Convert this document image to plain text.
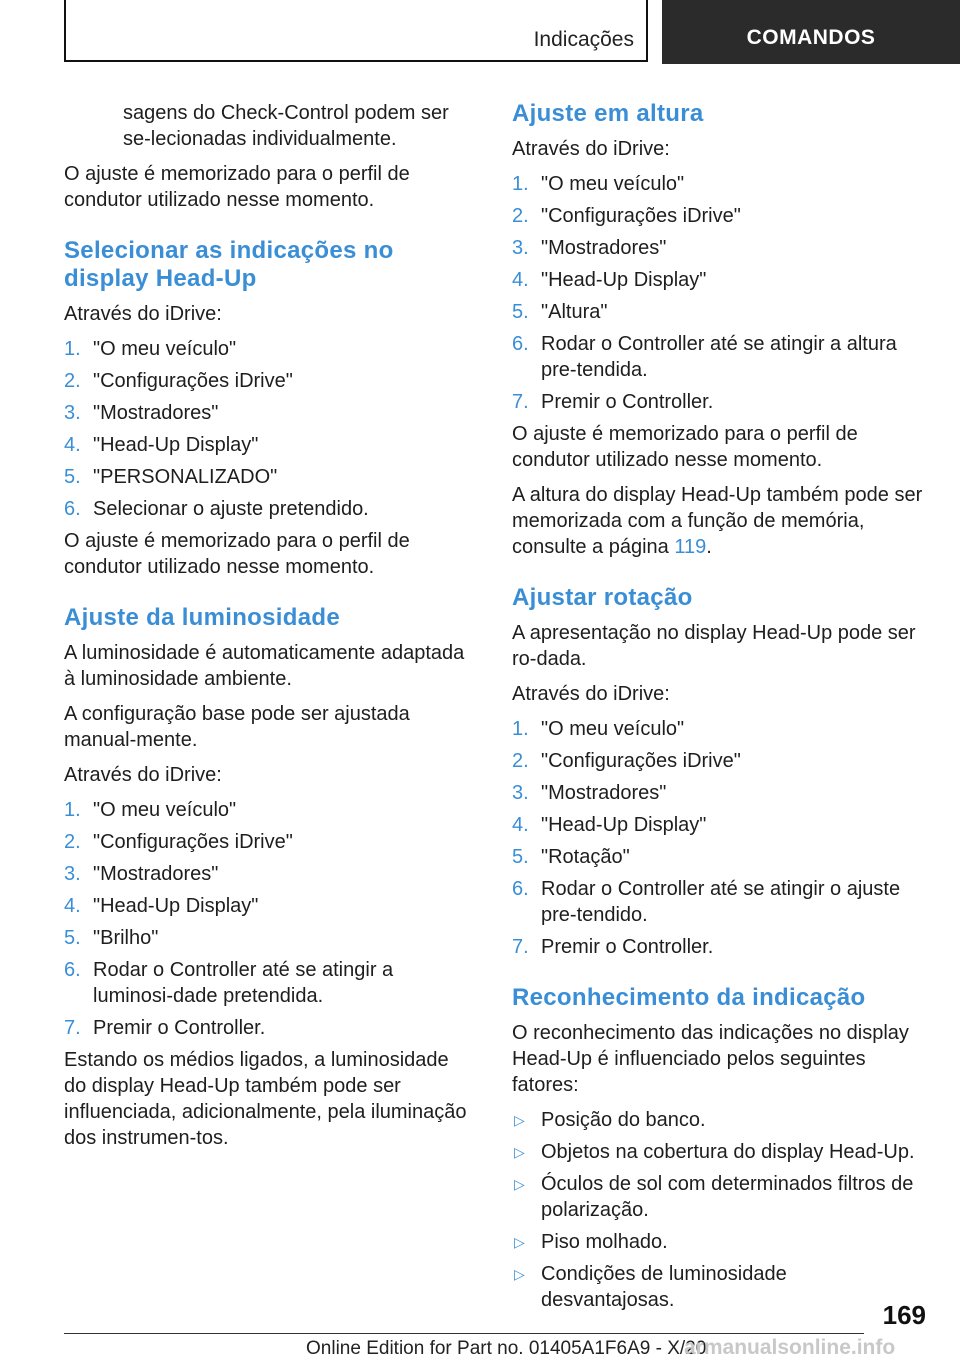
Indicações	COMANDOS

sagens do Check-Control podem ser se-lecionadas individualmente.

O ajuste é memorizado para o perfil de condutor utilizado nesse momento.

Selecionar as indicações no display Head-Up

Através do iDrive:

1. "O meu veículo"
2. "Configurações iDrive"
3. "Mostradores"
4. "Head-Up Display"
5. "PERSONALIZADO"
6. Selecionar o ajuste pretendido.

O ajuste é memorizado para o perfil de condutor utilizado nesse momento.

Ajuste da luminosidade

A luminosidade é automaticamente adaptada à luminosidade ambiente.

A configuração base pode ser ajustada manual-mente.

Através do iDrive:

1. "O meu veículo"
2. "Configurações iDrive"
3. "Mostradores"
4. "Head-Up Display"
5. "Brilho"
6. Rodar o Controller até se atingir a luminosi-dade pretendida.
7. Premir o Controller.

Estando os médios ligados, a luminosidade do display Head-Up também pode ser influenciada, adicionalmente, pela iluminação dos instrumen-tos.

Ajuste em altura

Através do iDrive:

1. "O meu veículo"
2. "Configurações iDrive"
3. "Mostradores"
4. "Head-Up Display"
5. "Altura"
6. Rodar o Controller até se atingir a altura pre-tendida.
7. Premir o Controller.

O ajuste é memorizado para o perfil de condutor utilizado nesse momento.

A altura do display Head-Up também pode ser memorizada com a função de memória, consulte a página 119.

Ajustar rotação

A apresentação no display Head-Up pode ser ro-dada.

Através do iDrive:

1. "O meu veículo"
2. "Configurações iDrive"
3. "Mostradores"
4. "Head-Up Display"
5. "Rotação"
6. Rodar o Controller até se atingir o ajuste pre-tendido.
7. Premir o Controller.
Reconhecimento da indicação

O reconhecimento das indicações no display Head-Up é influenciado pelos seguintes fatores:

▷ Posição do banco.
▷ Objetos na cobertura do display Head-Up.
▷ Óculos de sol com determinados filtros de polarização.
▷ Piso molhado.
▷ Condições de luminosidade desvantajosas.	169
Online Edition for Part no. 01405A1F6A9 - X/20
armanualsonline.info
